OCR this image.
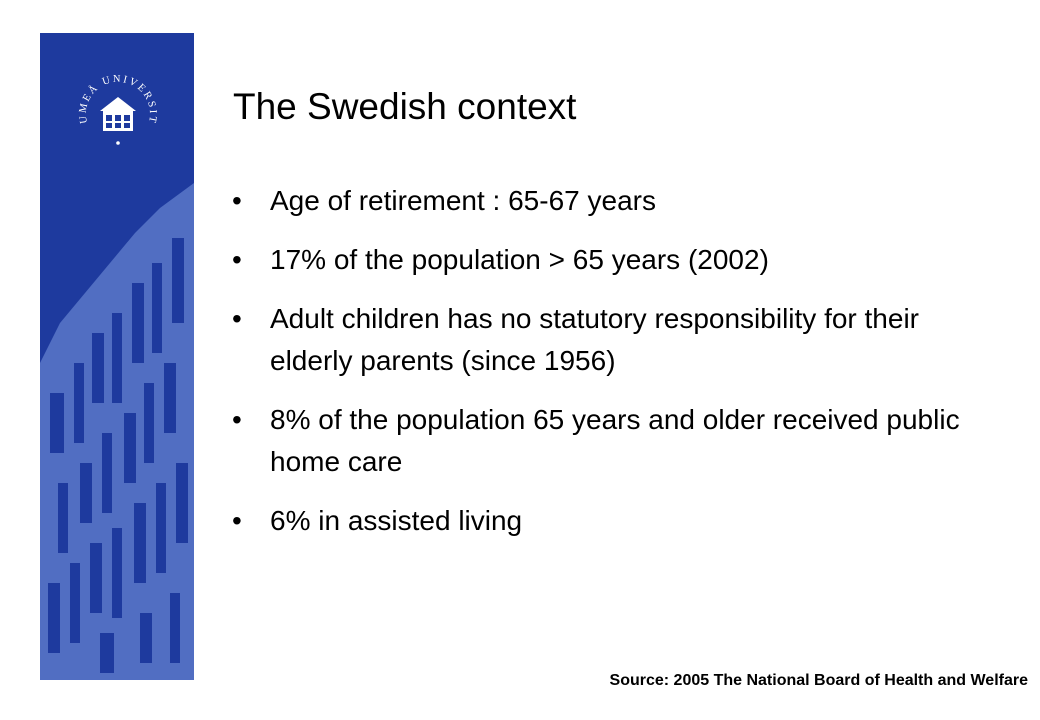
UMEÅ UNIVERSIT The Swedish context
• Age of retirement : 65-67 years
• 17% of the population > 65 years (2002)
• Adult children has no statutory responsibility for their elderly parents (since 1956)
• 8% of the population 65 years and older received public home care
• 6% in assisted living
Source: 2005 The National Board of Health and Welfare
